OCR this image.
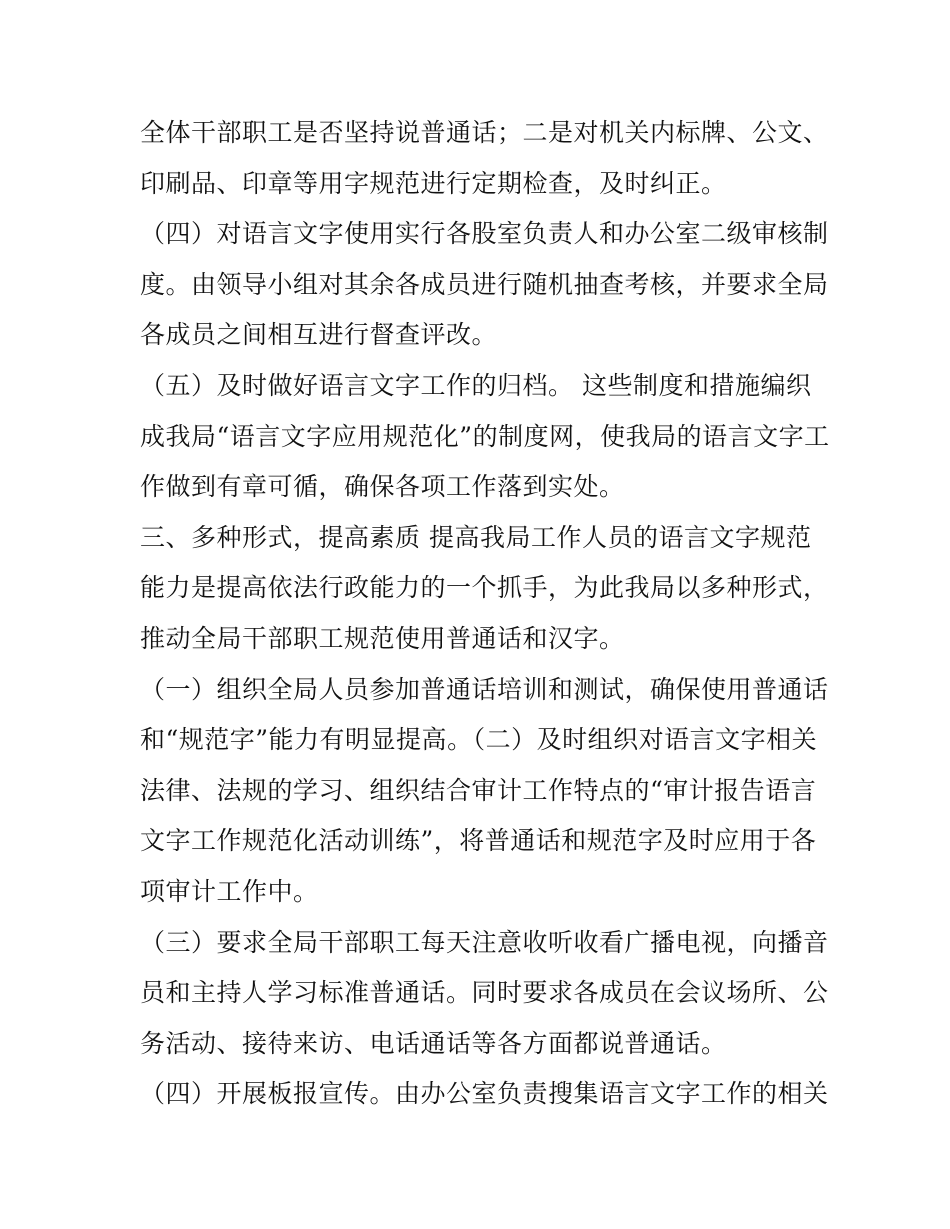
全体干部职工是否坚持说普通话；二是对机关内标牌、公文、
印刷品、印章等用字规范进行定期检查，及时纠正。
（四）对语言文字使用实行各股室负责人和办公室二级审核制
度。由领导小组对其余各成员进行随机抽查考核，并要求全局
各成员之间相互进行督查评改。
（五）及时做好语言文字工作的归档。 这些制度和措施编织
成我局“语言文字应用规范化”的制度网，使我局的语言文字工
作做到有章可循，确保各项工作落到实处。
三、多种形式，提高素质 提高我局工作人员的语言文字规范
能力是提高依法行政能力的一个抓手，为此我局以多种形式，
推动全局干部职工规范使用普通话和汉字。
（一）组织全局人员参加普通话培训和测试，确保使用普通话
和“规范字”能力有明显提高。（二）及时组织对语言文字相关
法律、法规的学习、组织结合审计工作特点的“审计报告语言
文字工作规范化活动训练”，将普通话和规范字及时应用于各
项审计工作中。
（三）要求全局干部职工每天注意收听收看广播电视，向播音
员和主持人学习标准普通话。同时要求各成员在会议场所、公
务活动、接待来访、电话通话等各方面都说普通话。
（四）开展板报宣传。由办公室负责搜集语言文字工作的相关
